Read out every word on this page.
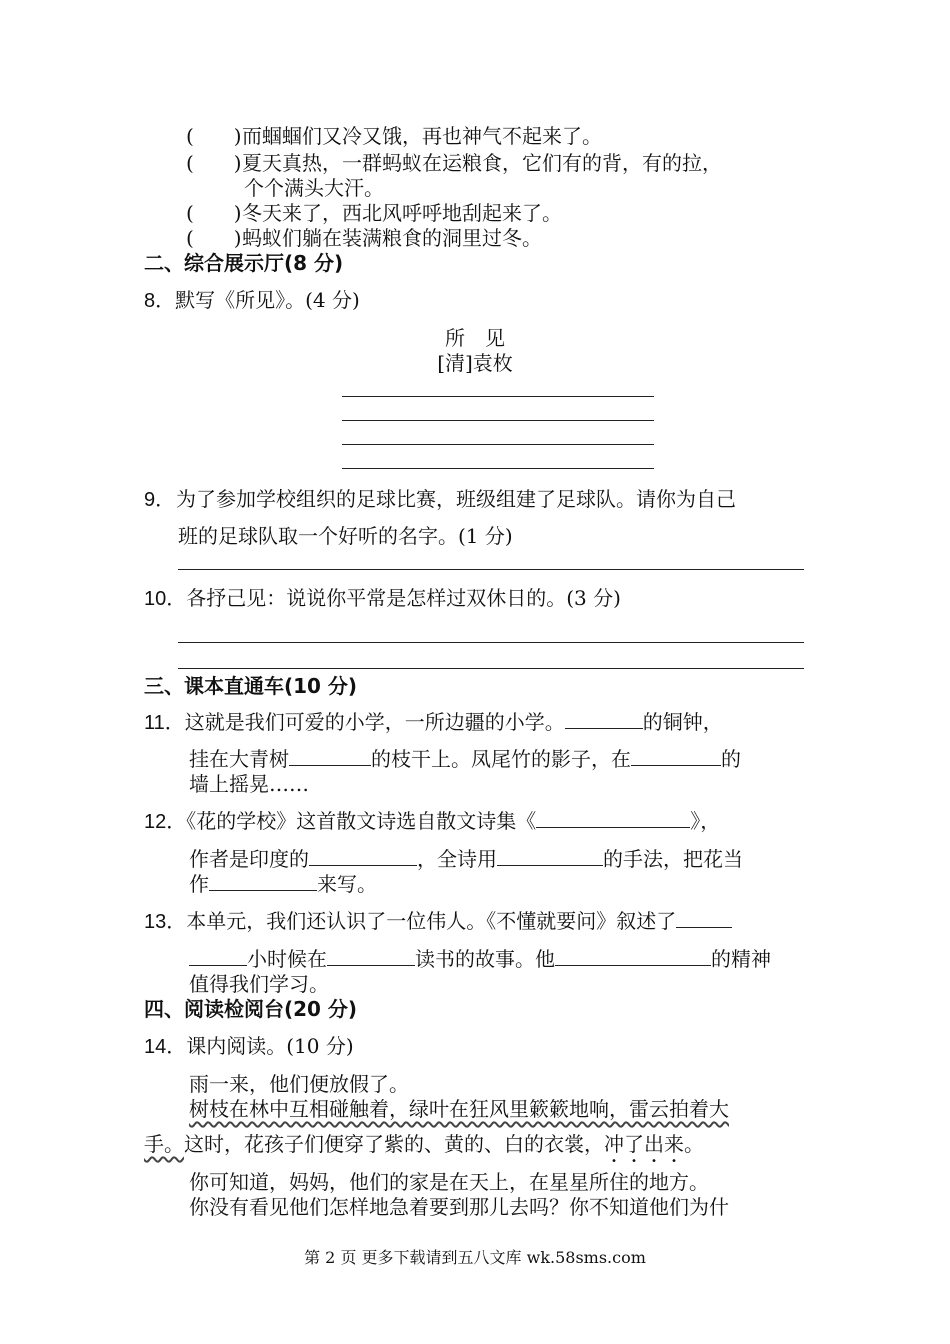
(　　)而蝈蝈们又冷又饿，再也神气不起来了。
(　　)夏天真热，一群蚂蚁在运粮食，它们有的背，有的拉，
个个满头大汗。
(　　)冬天来了，西北风呼呼地刮起来了。
(　　)蚂蚁们躺在装满粮食的洞里过冬。
二、综合展示厅(8 分)
8．默写《所见》。(4 分)
所　见
[清]袁枚
9．为了参加学校组织的足球比赛，班级组建了足球队。请你为自己
班的足球队取一个好听的名字。(1 分)
10．各抒己见：说说你平常是怎样过双休日的。(3 分)
三、课本直通车(10 分)
11．这就是我们可爱的小学，一所边疆的小学。	的铜钟，
挂在大青树	的枝干上。凤尾竹的影子，在	的
墙上摇晃……
12．《花的学校》这首散文诗选自散文诗集《	》，
作者是印度的	，全诗用	的手法，把花当
作	来写。
13．本单元，我们还认识了一位伟人。《不懂就要问》叙述了
小时候在	读书的故事。他	的精神
值得我们学习。
四、阅读检阅台(20 分)
14．课内阅读。(10 分)
雨一来，他们便放假了。
树枝在林中互相碰触着，绿叶在狂风里簌簌地响，雷云拍着大
手。这时，花孩子们便穿了紫的、黄的、白的衣裳，冲了出来。
你可知道，妈妈，他们的家是在天上，在星星所住的地方。
你没有看见他们怎样地急着要到那儿去吗？你不知道他们为什
第 2 页 更多下载请到五八文库 wk.58sms.com
